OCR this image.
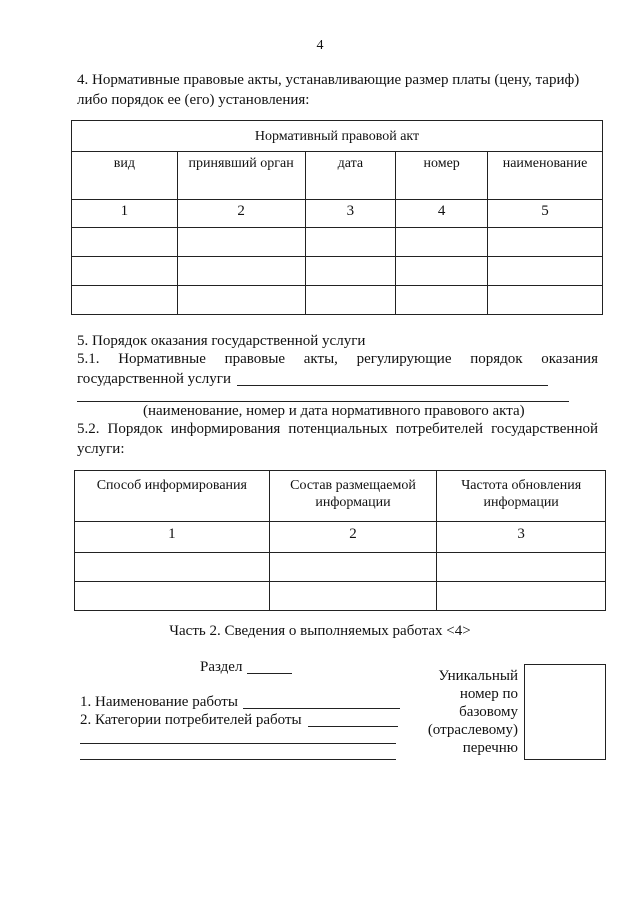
4
4. Нормативные правовые акты, устанавливающие размер платы (цену, тариф)
либо порядок ее (его) установления:
Нормативный правовой акт				
вид	принявший орган	дата	номер	наименование
1	2	3	4	5

5. Порядок оказания государственной услуги
5.1. Нормативные правовые акты, регулирующие порядок оказания
государственной услуги
(наименование, номер и дата нормативного правового акта)
5.2. Порядок информирования потенциальных потребителей государственной
услуги:
Способ информирования	Состав размещаемой информации	Частота обновления информации
1	2	3

Часть 2. Сведения о выполняемых работах <4>
Раздел
1. Наименование работы
2. Категории потребителей работы
Уникальный
номер по
базовому
(отраслевому)
перечню
